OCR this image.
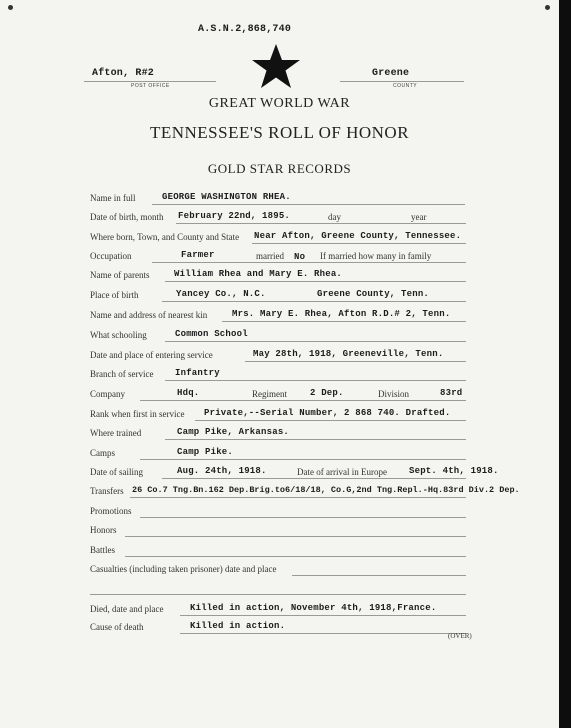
A.S.N.2,868,740
Afton, R#2
POST OFFICE
Greene
COUNTY
GREAT WORLD WAR
TENNESSEE'S ROLL OF HONOR
GOLD STAR RECORDS
Name in full	GEORGE WASHINGTON RHEA.
Date of birth, month February 22nd, 1895.	day	year
Where born, Town, and County and State Near Afton, Greene County, Tennessee.
Occupation	Farmer	married No If married how many in family
Name of parents	William Rhea and Mary E. Rhea.
Place of birth	Yancey Co., N.C.	Greene County, Tenn.
Name and address of nearest kin	Mrs. Mary E. Rhea, Afton R.D.# 2, Tenn.
What schooling	Common School
Date and place of entering service	May 28th, 1918, Greeneville, Tenn.
Branch of service Infantry
Company	Hdq.	Regiment	2 Dep.	Division	83rd
Rank when first in service Private,--Serial Number, 2 868 740. Drafted.
Where trained	Camp Pike, Arkansas.
Camps	Camp Pike.
Date of sailing	Aug. 24th, 1918.	Date of arrival in Europe Sept. 4th, 1918.
Transfers 26 Co.7 Tng.Bn.162 Dep.Brig.to6/18/18, Co.G,2nd Tng.Repl.-Hq.83rd Div.2 Dep.
Promotions
Honors
Battles
Casualties (including taken prisoner) date and place
Died, date and place	Killed in action, November 4th, 1918,France.
Cause of death	Killed in action.
(OVER)
